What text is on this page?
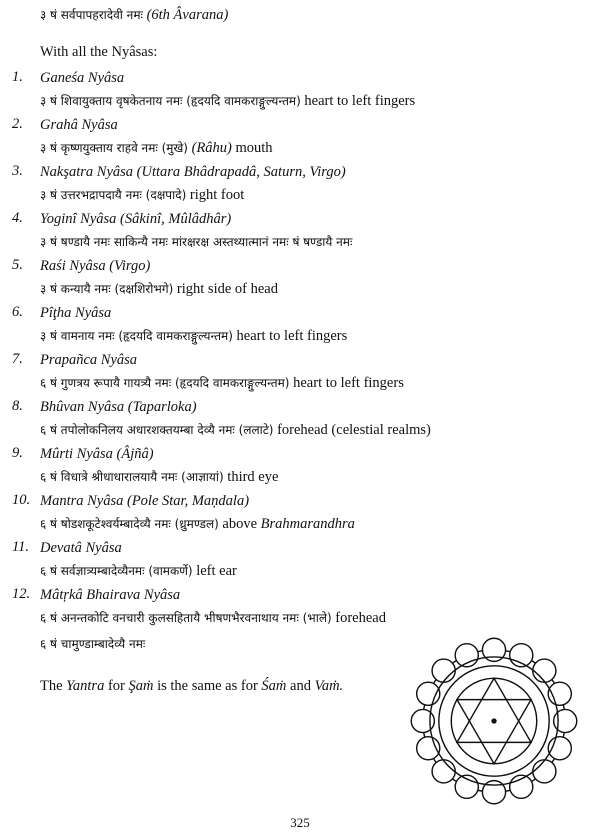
३ षं सर्वपापहरादेवी नमः (6th Âvarana)
With all the Nyâsas:
1. Ganeśa Nyâsa
३ षं शिवायुक्ताय वृषकेतनाय नमः (हृदयदि वामकराङ्गुल्यन्तम) heart to left fingers
2. Grahâ Nyâsa
३ षं कृष्णयुक्ताय राहवे नमः (मुखे) (Râhu) mouth
3. Nakşatra Nyâsa (Uttara Bhâdrapadâ, Saturn, Virgo)
३ षं उत्तरभद्रापदायै नमः (दक्षपादे) right foot
4. Yoginî Nyâsa (Sâkinî, Mûlâdhâr)
३ षं षण्डायै नमः साकिन्यै नमः मांरक्षरक्ष अस्तथ्यात्मानं नमः षं षण्डायै नमः
5. Raśi Nyâsa (Virgo)
३ षं कन्यायै नमः (दक्षशिरोभगे) right side of head
6. Pîţha Nyâsa
३ षं वामनाय नमः (हृदयदि वामकराङ्गुल्यन्तम) heart to left fingers
7. Prapañca Nyâsa
६ षं गुणत्रय रूपायै गायत्र्यै नमः (हृदयदि वामकराङ्गुल्यन्तम) heart to left fingers
8. Bhûvan Nyâsa (Taparloka)
६ षं तपोलोकनिलय अधारशक्तयम्बा देव्यै नमः (ललाटे) forehead (celestial realms)
9. Mûrti Nyâsa (Âjñâ)
६ षं विधात्रे श्रीधाधारालयायै नमः (आज्ञायां) third eye
10. Mantra Nyâsa (Pole Star, Maņdala)
६ षं षोडशकूटेश्वर्यम्बादेव्यै नमः (ध्रुमण्डल) above Brahmarandhra
11. Devatâ Nyâsa
६ षं सर्वज्ञात्र्यम्बादेव्यैनमः (वामकर्णे) left ear
12. Mâtŗkâ Bhairava Nyâsa
६ षं अनन्तकोटि वनचारी कुलसहितायै भीषणभैरवनाथाय नमः (भाले) forehead
६ षं चामुण्डाम्बादेव्यै नमः
The Yantra for Şaṁ is the same as for Śaṁ and Vaṁ.
325
